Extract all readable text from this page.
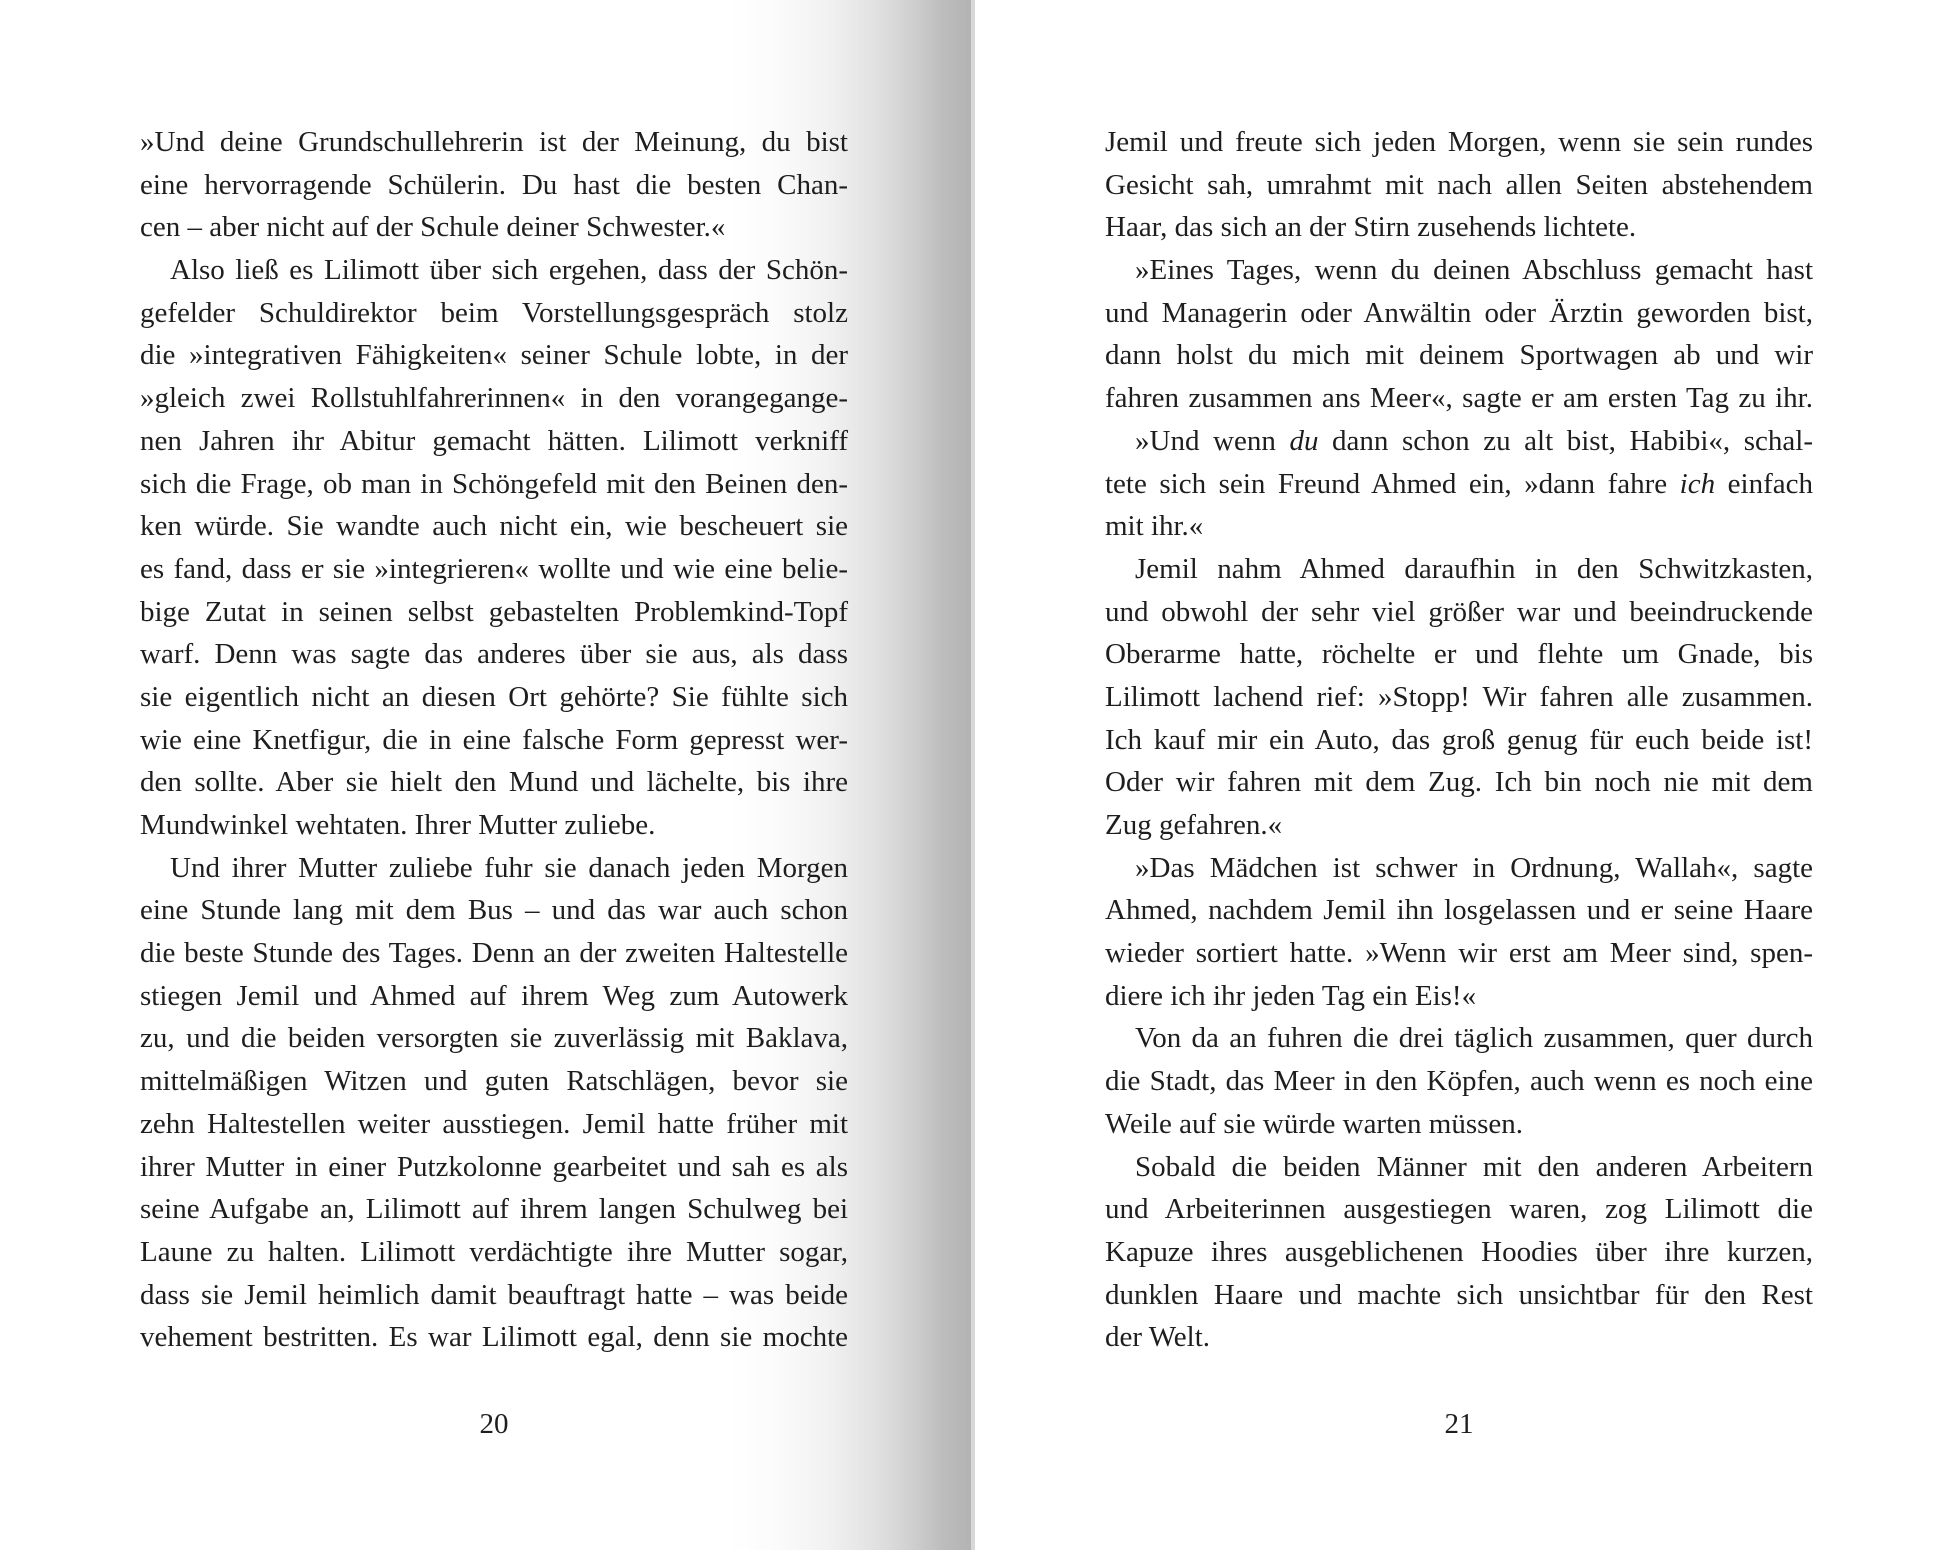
»Und deine Grundschullehrerin ist der Meinung, du bist
eine hervorragende Schülerin. Du hast die besten Chan-
cen – aber nicht auf der Schule deiner Schwester.«
Also ließ es Lilimott über sich ergehen, dass der Schön-
gefelder Schuldirektor beim Vorstellungsgespräch stolz
die »integrativen Fähigkeiten« seiner Schule lobte, in der
»gleich zwei Rollstuhlfahrerinnen« in den vorangegange-
nen Jahren ihr Abitur gemacht hätten. Lilimott verkniff
sich die Frage, ob man in Schöngefeld mit den Beinen den-
ken würde. Sie wandte auch nicht ein, wie bescheuert sie
es fand, dass er sie »integrieren« wollte und wie eine belie-
bige Zutat in seinen selbst gebastelten Problemkind-Topf
warf. Denn was sagte das anderes über sie aus, als dass
sie eigentlich nicht an diesen Ort gehörte? Sie fühlte sich
wie eine Knetfigur, die in eine falsche Form gepresst wer-
den sollte. Aber sie hielt den Mund und lächelte, bis ihre
Mundwinkel wehtaten. Ihrer Mutter zuliebe.
Und ihrer Mutter zuliebe fuhr sie danach jeden Morgen
eine Stunde lang mit dem Bus – und das war auch schon
die beste Stunde des Tages. Denn an der zweiten Haltestelle
stiegen Jemil und Ahmed auf ihrem Weg zum Autowerk
zu, und die beiden versorgten sie zuverlässig mit Baklava,
mittelmäßigen Witzen und guten Ratschlägen, bevor sie
zehn Haltestellen weiter ausstiegen. Jemil hatte früher mit
ihrer Mutter in einer Putzkolonne gearbeitet und sah es als
seine Aufgabe an, Lilimott auf ihrem langen Schulweg bei
Laune zu halten. Lilimott verdächtigte ihre Mutter sogar,
dass sie Jemil heimlich damit beauftragt hatte – was beide
vehement bestritten. Es war Lilimott egal, denn sie mochte
20
Jemil und freute sich jeden Morgen, wenn sie sein rundes
Gesicht sah, umrahmt mit nach allen Seiten abstehendem
Haar, das sich an der Stirn zusehends lichtete.
»Eines Tages, wenn du deinen Abschluss gemacht hast
und Managerin oder Anwältin oder Ärztin geworden bist,
dann holst du mich mit deinem Sportwagen ab und wir
fahren zusammen ans Meer«, sagte er am ersten Tag zu ihr.
»Und wenn du dann schon zu alt bist, Habibi«, schal-
tete sich sein Freund Ahmed ein, »dann fahre ich einfach
mit ihr.«
Jemil nahm Ahmed daraufhin in den Schwitzkasten,
und obwohl der sehr viel größer war und beeindruckende
Oberarme hatte, röchelte er und flehte um Gnade, bis
Lilimott lachend rief: »Stopp! Wir fahren alle zusammen.
Ich kauf mir ein Auto, das groß genug für euch beide ist!
Oder wir fahren mit dem Zug. Ich bin noch nie mit dem
Zug gefahren.«
»Das Mädchen ist schwer in Ordnung, Wallah«, sagte
Ahmed, nachdem Jemil ihn losgelassen und er seine Haare
wieder sortiert hatte. »Wenn wir erst am Meer sind, spen-
diere ich ihr jeden Tag ein Eis!«
Von da an fuhren die drei täglich zusammen, quer durch
die Stadt, das Meer in den Köpfen, auch wenn es noch eine
Weile auf sie würde warten müssen.
Sobald die beiden Männer mit den anderen Arbeitern
und Arbeiterinnen ausgestiegen waren, zog Lilimott die
Kapuze ihres ausgeblichenen Hoodies über ihre kurzen,
dunklen Haare und machte sich unsichtbar für den Rest
der Welt.
21
